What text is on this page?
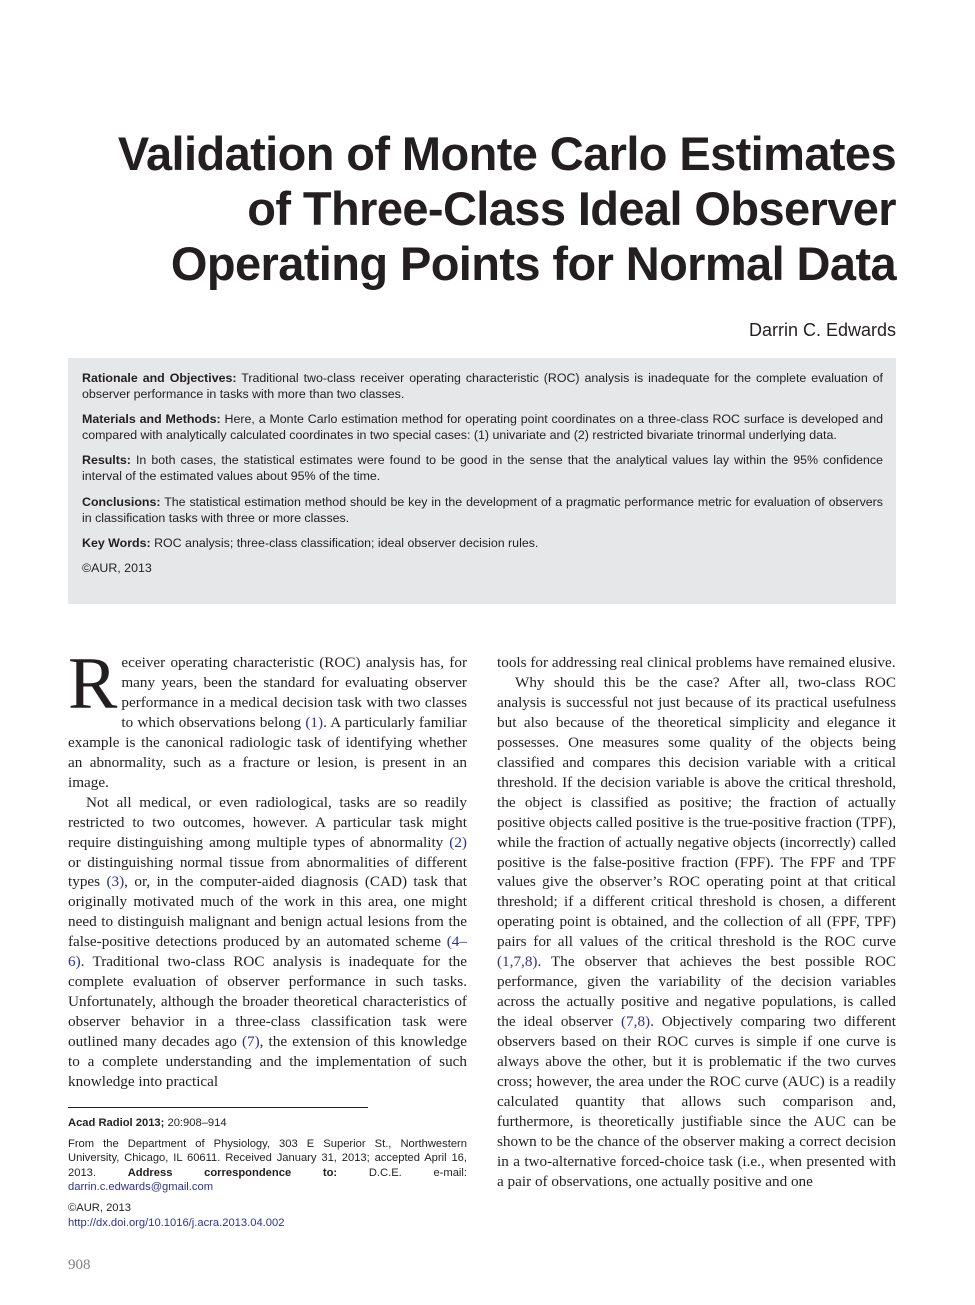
Validation of Monte Carlo Estimates
of Three-Class Ideal Observer
Operating Points for Normal Data
Darrin C. Edwards

Rationale and Objectives: Traditional two-class receiver operating characteristic (ROC) analysis is inadequate for the complete evaluation of observer performance in tasks with more than two classes.

Materials and Methods: Here, a Monte Carlo estimation method for operating point coordinates on a three-class ROC surface is developed and compared with analytically calculated coordinates in two special cases: (1) univariate and (2) restricted bivariate trinormal underlying data.

Results: In both cases, the statistical estimates were found to be good in the sense that the analytical values lay within the 95% confidence interval of the estimated values about 95% of the time.

Conclusions: The statistical estimation method should be key in the development of a pragmatic performance metric for evaluation of observers in classification tasks with three or more classes.

Key Words: ROC analysis; three-class classification; ideal observer decision rules.

©AUR, 2013

Receiver operating characteristic (ROC) analysis has, for many years, been the standard for evaluating observer performance in a medical decision task with two classes to which observations belong (1). A particularly familiar example is the canonical radiologic task of identifying whether an abnormality, such as a fracture or lesion, is present in an image.

Not all medical, or even radiological, tasks are so readily restricted to two outcomes, however. A particular task might require distinguishing among multiple types of abnormality (2) or distinguishing normal tissue from abnormalities of different types (3), or, in the computer-aided diagnosis (CAD) task that originally motivated much of the work in this area, one might need to distinguish malignant and benign actual lesions from the false-positive detections produced by an automated scheme (4–6). Traditional two-class ROC analysis is inadequate for the complete evaluation of observer performance in such tasks. Unfortunately, although the broader theoretical characteristics of observer behavior in a three-class classification task were outlined many decades ago (7), the extension of this knowledge to a complete understanding and the implementation of such knowledge into practical

tools for addressing real clinical problems have remained elusive.

Why should this be the case? After all, two-class ROC analysis is successful not just because of its practical usefulness but also because of the theoretical simplicity and elegance it possesses. One measures some quality of the objects being classified and compares this decision variable with a critical threshold. If the decision variable is above the critical threshold, the object is classified as positive; the fraction of actually positive objects called positive is the true-positive fraction (TPF), while the fraction of actually negative objects (incorrectly) called positive is the false-positive fraction (FPF). The FPF and TPF values give the observer’s ROC operating point at that critical threshold; if a different critical threshold is chosen, a different operating point is obtained, and the collection of all (FPF, TPF) pairs for all values of the critical threshold is the ROC curve (1,7,8). The observer that achieves the best possible ROC performance, given the variability of the decision variables across the actually positive and negative populations, is called the ideal observer (7,8). Objectively comparing two different observers based on their ROC curves is simple if one curve is always above the other, but it is problematic if the two curves cross; however, the area under the ROC curve (AUC) is a readily calculated quantity that allows such comparison and, furthermore, is theoretically justifiable since the AUC can be shown to be the chance of the observer making a correct decision in a two-alternative forced-choice task (i.e., when presented with a pair of observations, one actually positive and one

Acad Radiol 2013; 20:908–914

From the Department of Physiology, 303 E Superior St., Northwestern University, Chicago, IL 60611. Received January 31, 2013; accepted April 16, 2013. Address correspondence to: D.C.E. e-mail: darrin.c.edwards@gmail.com

©AUR, 2013

http://dx.doi.org/10.1016/j.acra.2013.04.002

908
